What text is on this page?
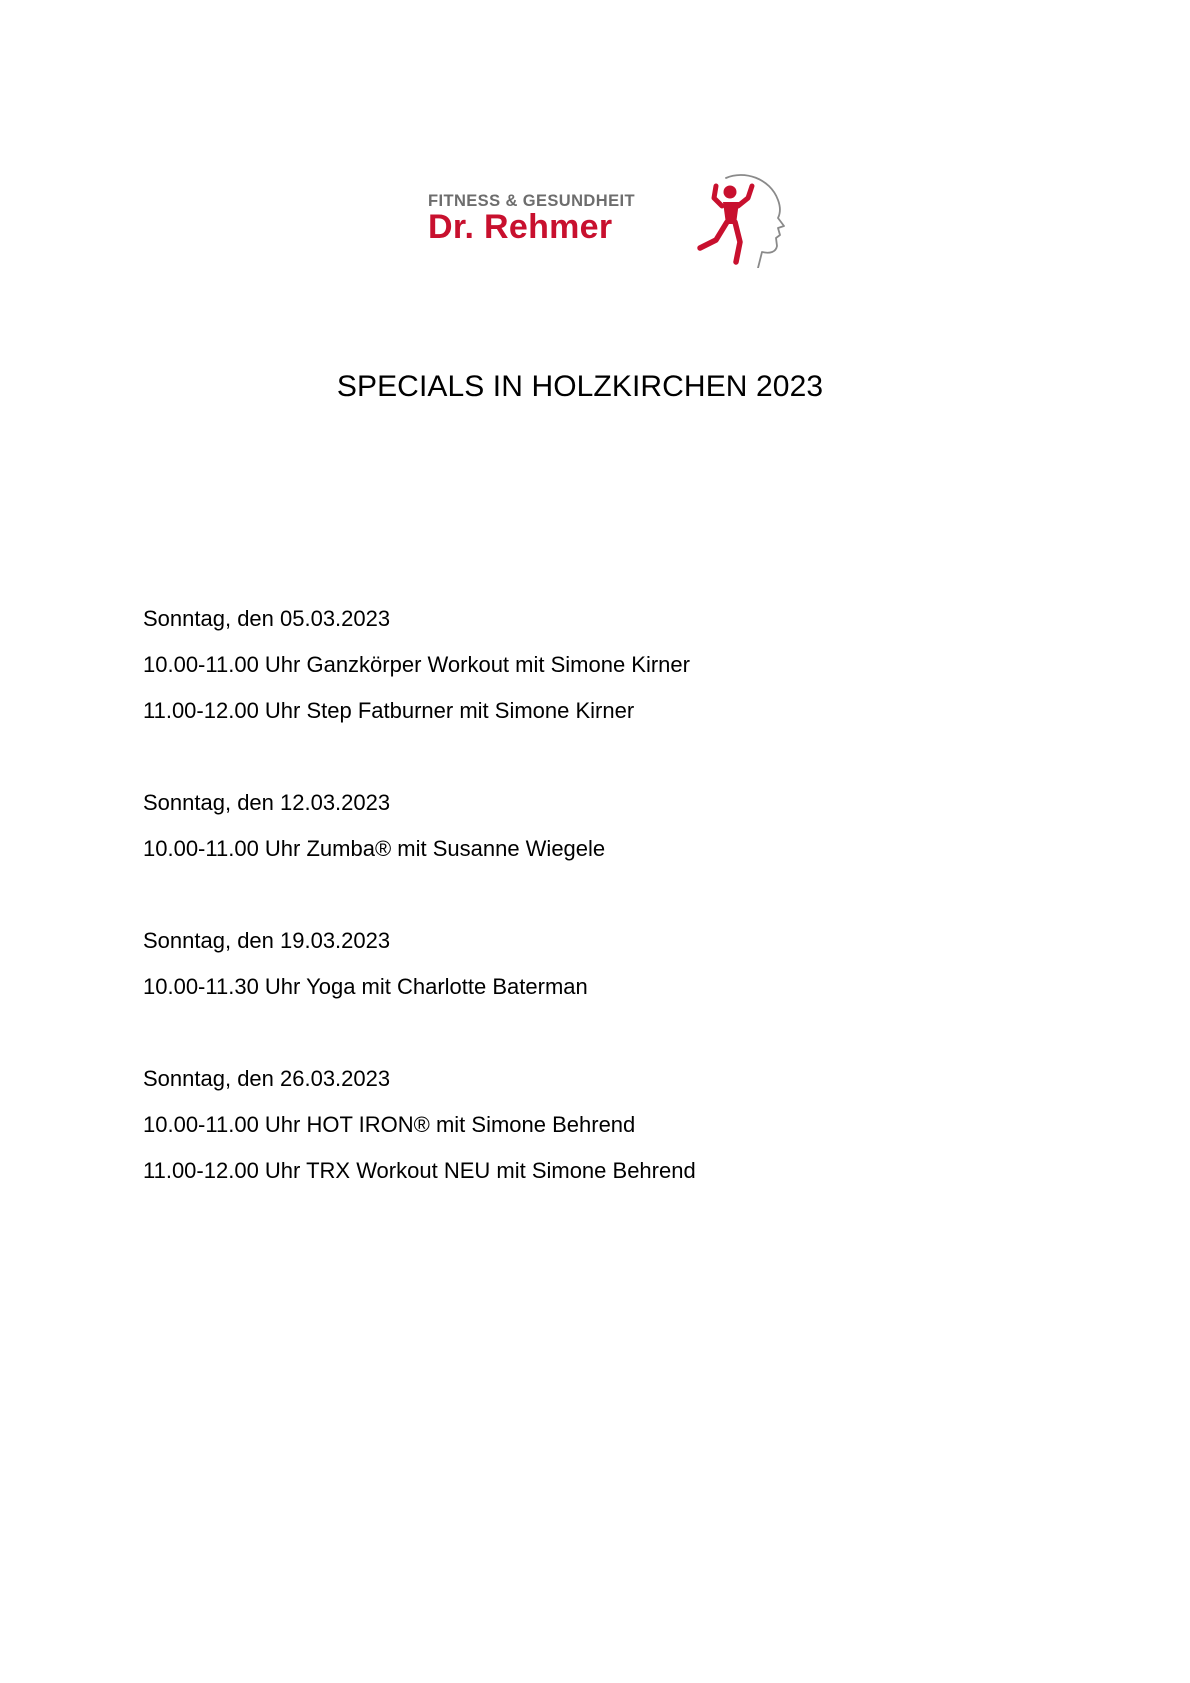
FITNESS & GESUNDHEIT
Dr. Rehmer
SPECIALS IN HOLZKIRCHEN 2023
Sonntag, den 05.03.2023
10.00-11.00 Uhr Ganzkörper Workout mit Simone Kirner
11.00-12.00 Uhr Step Fatburner mit Simone Kirner
Sonntag, den 12.03.2023
10.00-11.00 Uhr Zumba® mit Susanne Wiegele
Sonntag, den 19.03.2023
10.00-11.30 Uhr Yoga mit Charlotte Baterman
Sonntag, den 26.03.2023
10.00-11.00 Uhr HOT IRON® mit Simone Behrend
11.00-12.00 Uhr TRX Workout NEU mit Simone Behrend
